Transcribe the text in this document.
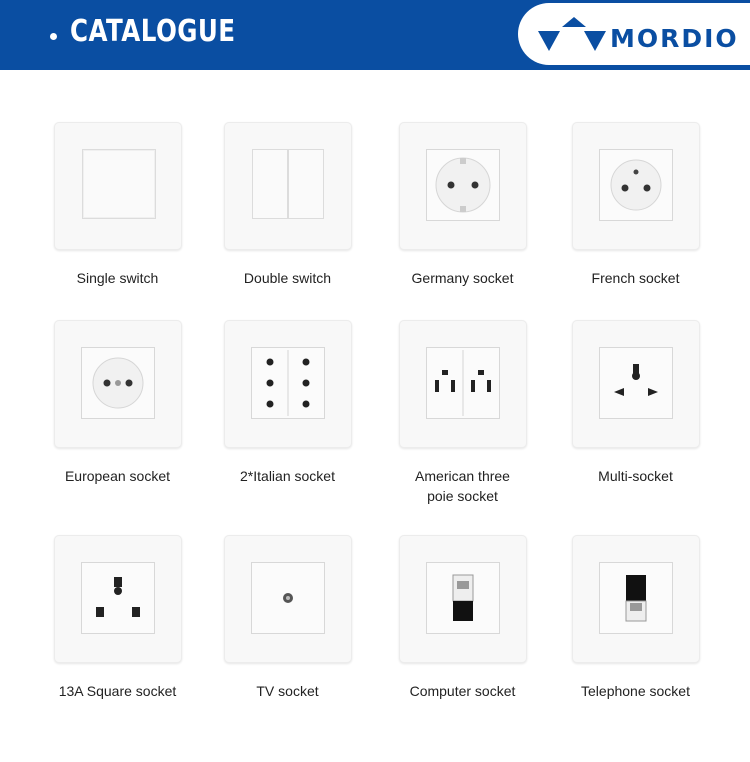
CATALOGUE	MORDIO
Single switch	Double switch	Germany socket	French socket
European socket	2*Italian socket	American three
poie socket
Multi-socket
13A Square socket	TV socket	Computer socket	Telephone socket
